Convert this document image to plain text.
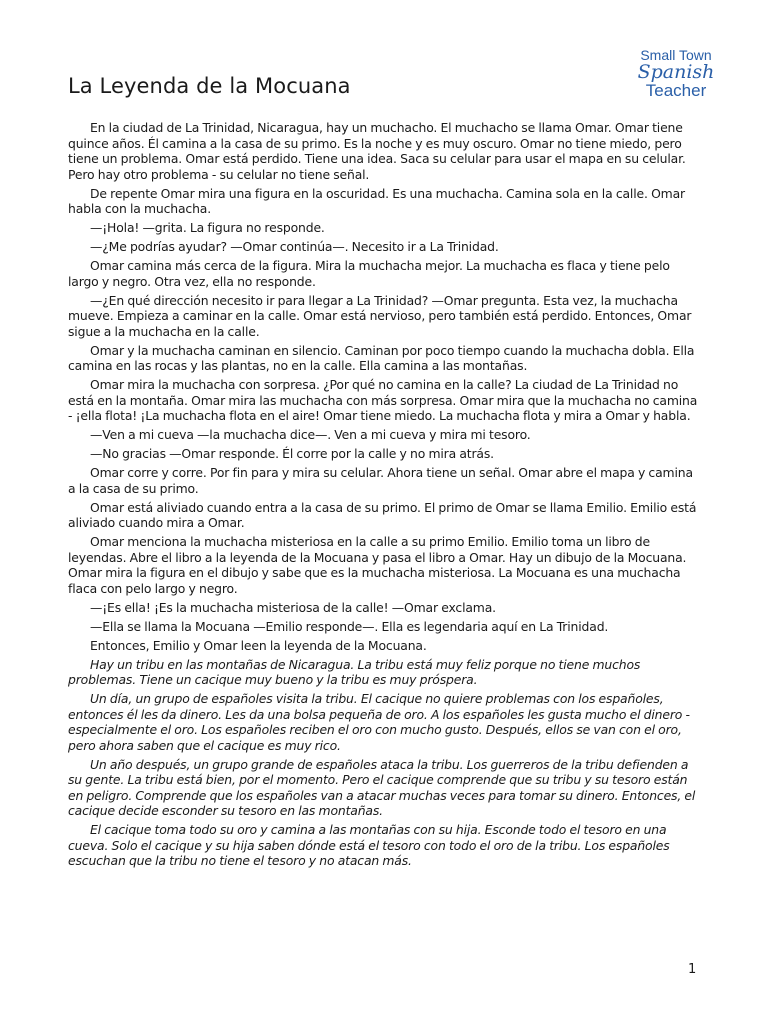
Small Town
Spanish
Teacher
La Leyenda de la Mocuana

En la ciudad de La Trinidad, Nicaragua, hay un muchacho. El muchacho se llama Omar. Omar tiene quince años. Él camina a la casa de su primo. Es la noche y es muy oscuro. Omar no tiene miedo, pero tiene un problema. Omar está perdido. Tiene una idea. Saca su celular para usar el mapa en su celular. Pero hay otro problema - su celular no tiene señal.

De repente Omar mira una figura en la oscuridad. Es una muchacha. Camina sola en la calle. Omar habla con la muchacha.

—¡Hola! —grita. La figura no responde.

—¿Me podrías ayudar? —Omar continúa—. Necesito ir a La Trinidad.

Omar camina más cerca de la figura. Mira la muchacha mejor. La muchacha es flaca y tiene pelo largo y negro. Otra vez, ella no responde.

—¿En qué dirección necesito ir para llegar a La Trinidad? —Omar pregunta. Esta vez, la muchacha mueve. Empieza a caminar en la calle. Omar está nervioso, pero también está perdido. Entonces, Omar sigue a la muchacha en la calle.

Omar y la muchacha caminan en silencio. Caminan por poco tiempo cuando la muchacha dobla. Ella camina en las rocas y las plantas, no en la calle. Ella camina a las montañas.

Omar mira la muchacha con sorpresa. ¿Por qué no camina en la calle? La ciudad de La Trinidad no está en la montaña. Omar mira las muchacha con más sorpresa. Omar mira que la muchacha no camina - ¡ella flota! ¡La muchacha flota en el aire! Omar tiene miedo. La muchacha flota y mira a Omar y habla.

—Ven a mi cueva —la muchacha dice—. Ven a mi cueva y mira mi tesoro.

—No gracias —Omar responde. Él corre por la calle y no mira atrás.

Omar corre y corre. Por fin para y mira su celular. Ahora tiene un señal. Omar abre el mapa y camina a la casa de su primo.

Omar está aliviado cuando entra a la casa de su primo. El primo de Omar se llama Emilio. Emilio está aliviado cuando mira a Omar.

Omar menciona la muchacha misteriosa en la calle a su primo Emilio. Emilio toma un libro de leyendas. Abre el libro a la leyenda de la Mocuana y pasa el libro a Omar. Hay un dibujo de la Mocuana. Omar mira la figura en el dibujo y sabe que es la muchacha misteriosa. La Mocuana es una muchacha flaca con pelo largo y negro.

—¡Es ella! ¡Es la muchacha misteriosa de la calle! —Omar exclama.

—Ella se llama la Mocuana —Emilio responde—. Ella es legendaria aquí en La Trinidad.

Entonces, Emilio y Omar leen la leyenda de la Mocuana.

Hay un tribu en las montañas de Nicaragua. La tribu está muy feliz porque no tiene muchos problemas. Tiene un cacique muy bueno y la tribu es muy próspera.

Un día, un grupo de españoles visita la tribu. El cacique no quiere problemas con los españoles, entonces él les da dinero. Les da una bolsa pequeña de oro. A los españoles les gusta mucho el dinero - especialmente el oro. Los españoles reciben el oro con mucho gusto. Después, ellos se van con el oro, pero ahora saben que el cacique es muy rico.

Un año después, un grupo grande de españoles ataca la tribu. Los guerreros de la tribu defienden a su gente. La tribu está bien, por el momento. Pero el cacique comprende que su tribu y su tesoro están en peligro. Comprende que los españoles van a atacar muchas veces para tomar su dinero. Entonces, el cacique decide esconder su tesoro en las montañas.

El cacique toma todo su oro y camina a las montañas con su hija. Esconde todo el tesoro en una cueva. Solo el cacique y su hija saben dónde está el tesoro con todo el oro de la tribu. Los españoles escuchan que la tribu no tiene el tesoro y no atacan más.

1
